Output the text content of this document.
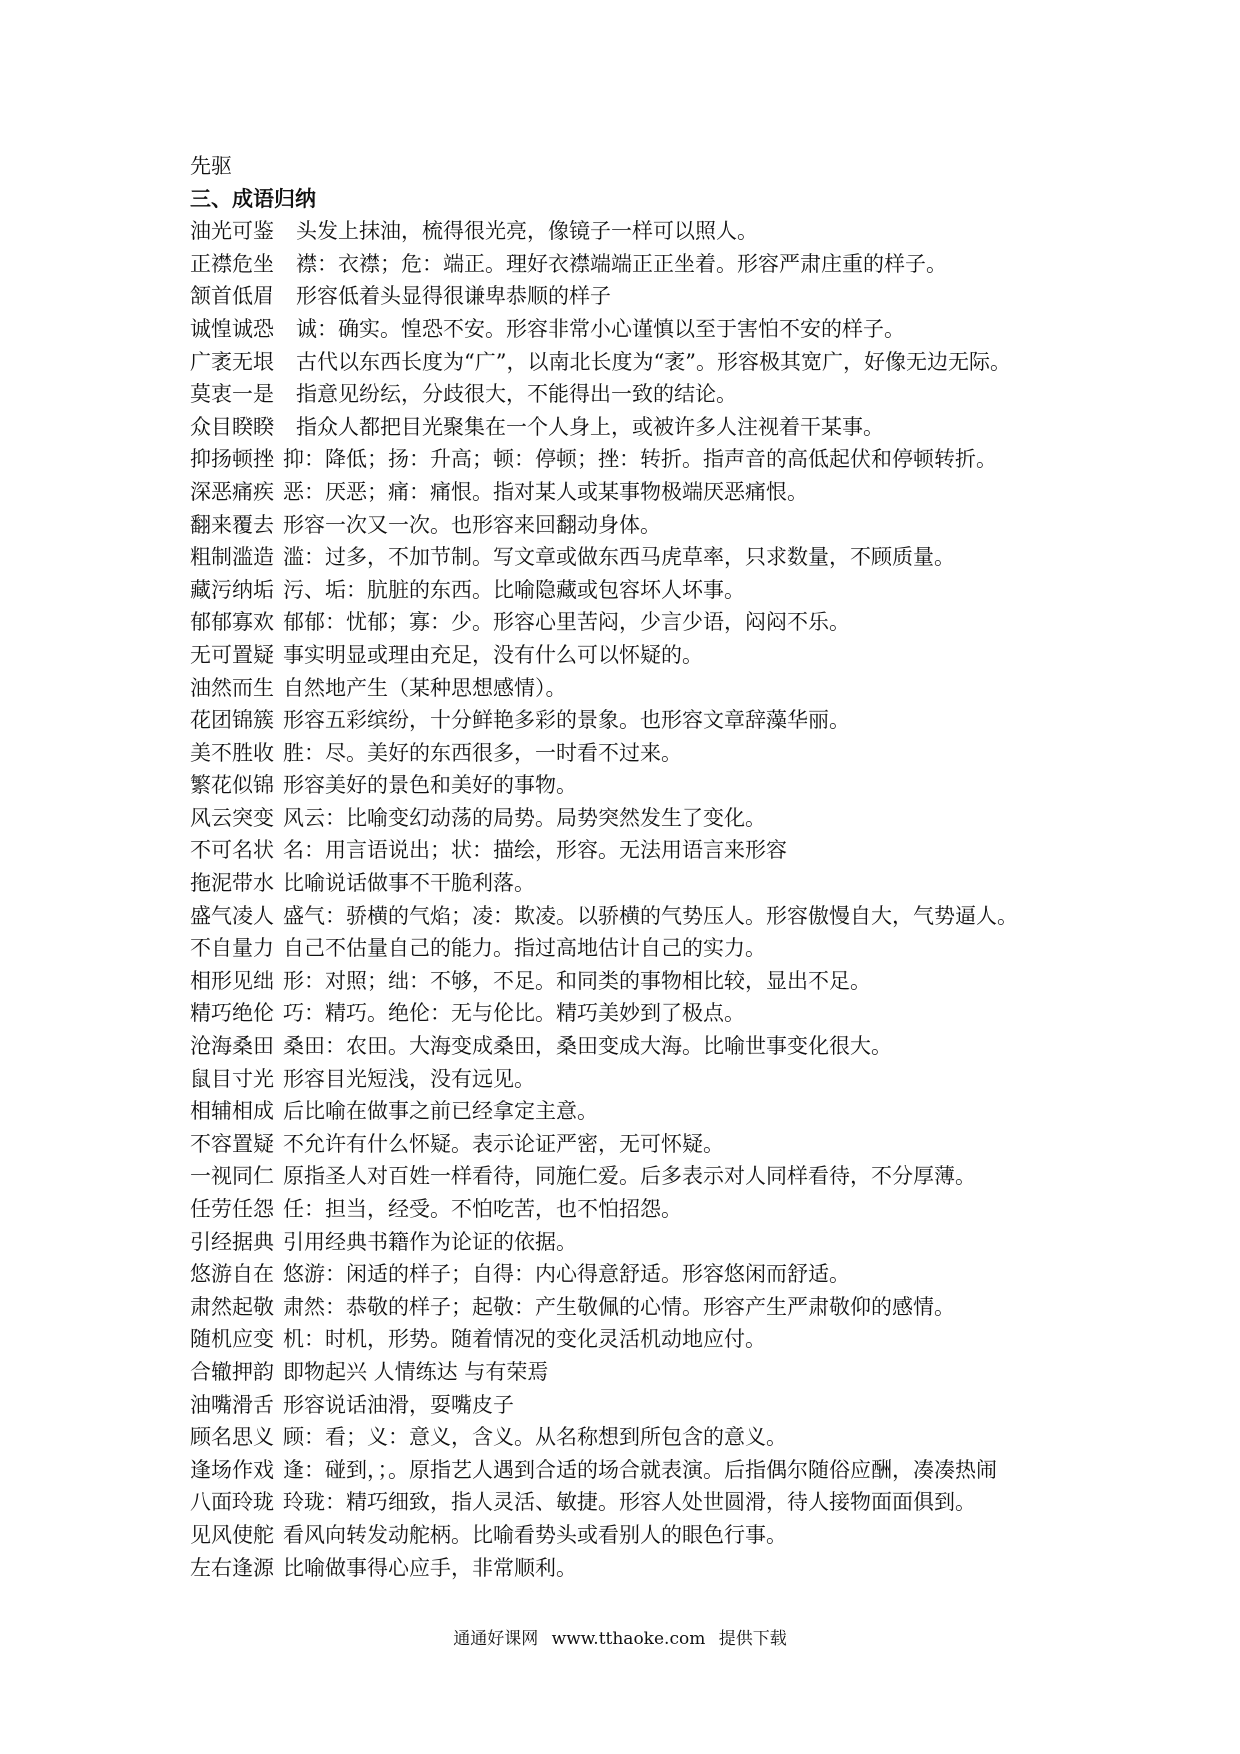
先驱
三、成语归纳
油光可鉴 头发上抹油，梳得很光亮，像镜子一样可以照人。
正襟危坐 襟：衣襟；危：端正。理好衣襟端端正正坐着。形容严肃庄重的样子。
颔首低眉 形容低着头显得很谦卑恭顺的样子
诚惶诚恐 诚：确实。惶恐不安。形容非常小心谨慎以至于害怕不安的样子。
广袤无垠 古代以东西长度为“广”，以南北长度为“袤”。形容极其宽广，好像无边无际。
莫衷一是 指意见纷纭，分歧很大，不能得出一致的结论。
众目睽睽 指众人都把目光聚集在一个人身上，或被许多人注视着干某事。
抑扬顿挫 抑：降低；扬：升高；顿：停顿；挫：转折。指声音的高低起伏和停顿转折。
深恶痛疾 恶：厌恶；痛：痛恨。指对某人或某事物极端厌恶痛恨。
翻来覆去 形容一次又一次。也形容来回翻动身体。
粗制滥造 滥：过多，不加节制。写文章或做东西马虎草率，只求数量，不顾质量。
藏污纳垢 污、垢：肮脏的东西。比喻隐藏或包容坏人坏事。
郁郁寡欢 郁郁：忧郁；寡：少。形容心里苦闷，少言少语，闷闷不乐。
无可置疑 事实明显或理由充足，没有什么可以怀疑的。
油然而生 自然地产生（某种思想感情）。
花团锦簇 形容五彩缤纷，十分鲜艳多彩的景象。也形容文章辞藻华丽。
美不胜收 胜：尽。美好的东西很多，一时看不过来。
繁花似锦 形容美好的景色和美好的事物。
风云突变 风云：比喻变幻动荡的局势。局势突然发生了变化。
不可名状 名：用言语说出；状：描绘，形容。无法用语言来形容
拖泥带水 比喻说话做事不干脆利落。
盛气凌人 盛气：骄横的气焰；凌：欺凌。以骄横的气势压人。形容傲慢自大，气势逼人。
不自量力 自己不估量自己的能力。指过高地估计自己的实力。
相形见绌 形：对照；绌：不够，不足。和同类的事物相比较，显出不足。
精巧绝伦 巧：精巧。绝伦：无与伦比。精巧美妙到了极点。
沧海桑田 桑田：农田。大海变成桑田，桑田变成大海。比喻世事变化很大。
鼠目寸光 形容目光短浅，没有远见。
相辅相成 后比喻在做事之前已经拿定主意。
不容置疑 不允许有什么怀疑。表示论证严密，无可怀疑。
一视同仁 原指圣人对百姓一样看待，同施仁爱。后多表示对人同样看待，不分厚薄。
任劳任怨 任：担当，经受。不怕吃苦，也不怕招怨。
引经据典 引用经典书籍作为论证的依据。
悠游自在 悠游：闲适的样子；自得：内心得意舒适。形容悠闲而舒适。
肃然起敬 肃然：恭敬的样子；起敬：产生敬佩的心情。形容产生严肃敬仰的感情。
随机应变 机：时机，形势。随着情况的变化灵活机动地应付。
合辙押韵 即物起兴 人情练达 与有荣焉
油嘴滑舌 形容说话油滑，耍嘴皮子
顾名思义 顾：看；义：意义，含义。从名称想到所包含的意义。
逢场作戏 逢：碰到，；。原指艺人遇到合适的场合就表演。后指偶尔随俗应酬，凑凑热闹
八面玲珑 玲珑：精巧细致，指人灵活、敏捷。形容人处世圆滑，待人接物面面俱到。
见风使舵 看风向转发动舵柄。比喻看势头或看别人的眼色行事。
左右逢源 比喻做事得心应手，非常顺利。
通通好课网 www.tthaoke.com 提供下载
